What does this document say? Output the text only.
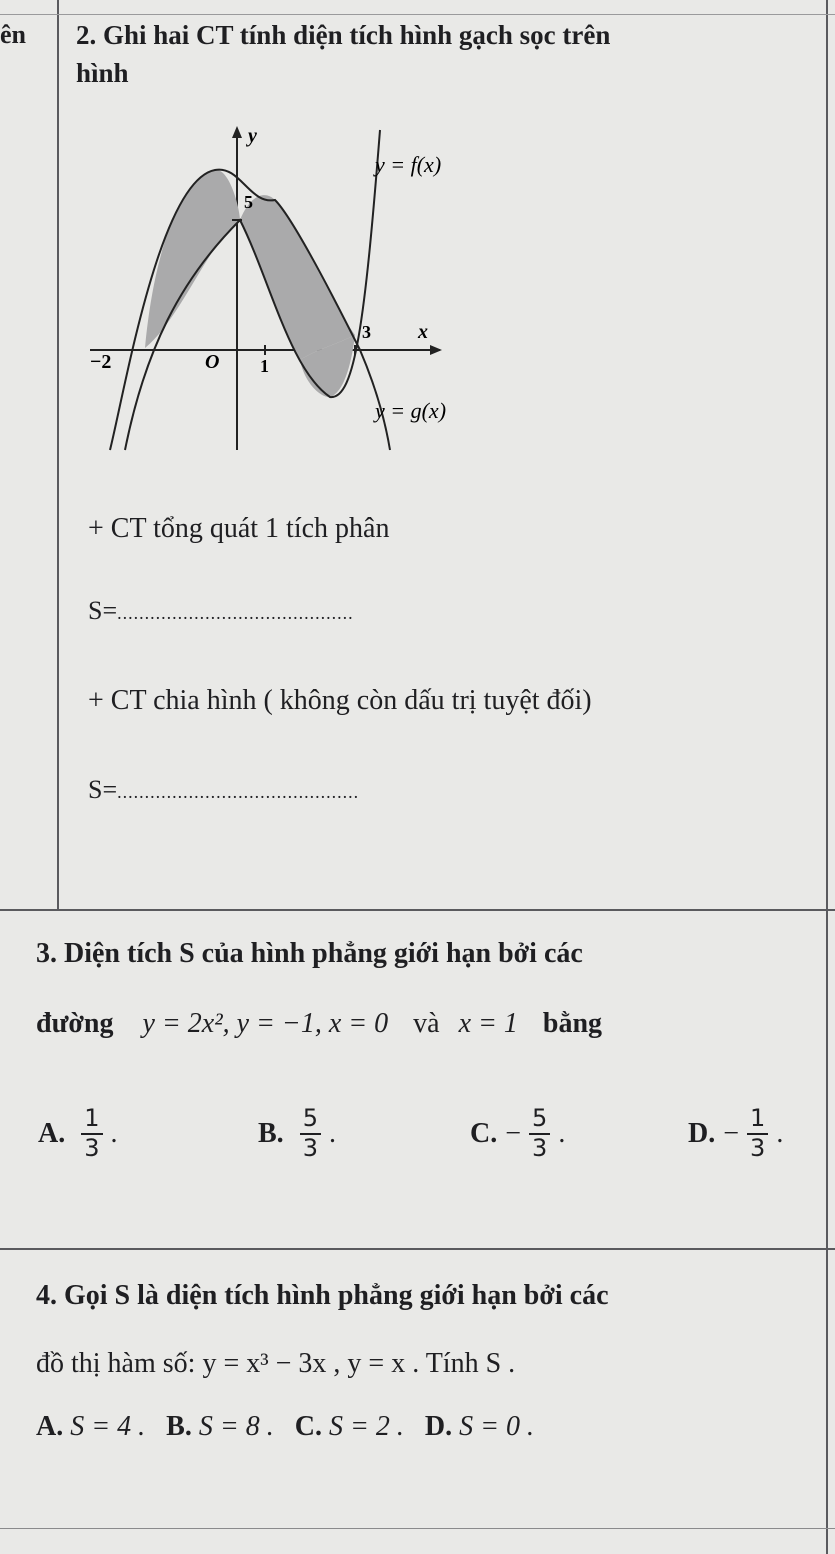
ên 2. Ghi hai CT tính diện tích hình gạch sọc trên
hình
y
x
5
3
−2	1
O
y = f(x)
y = g(x)
+ CT tổng quát 1 tích phân
S=...........................................
+ CT chia hình ( không còn dấu trị tuyệt đối)
S=............................................
3. Diện tích S của hình phẳng giới hạn bởi các
đường y = 2x², y = −1, x = 0 và x = 1 bằng
A. $\frac{1}{3}$ .	B. $\frac{5}{3}$ .	C. − $\frac{5}{3}$ .	D. − $\frac{1}{3}$ .
4. Gọi S là diện tích hình phẳng giới hạn bởi các
đồ thị hàm số: y = x³ − 3x , y = x . Tính S .
A. S = 4 . B. S = 8 . C. S = 2 . D. S = 0 .
